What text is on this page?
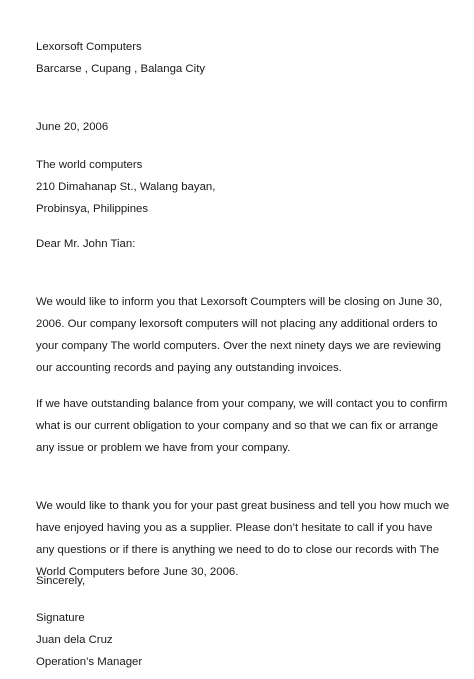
Lexorsoft Computers
Barcarse , Cupang , Balanga City
June 20, 2006
The world computers
210 Dimahanap St., Walang bayan,
Probinsya, Philippines
Dear Mr. John Tian:
We would like to inform you that Lexorsoft Coumpters will be closing on June 30,
2006. Our company lexorsoft computers will not placing any additional orders to
your company The world computers. Over the next ninety days we are reviewing
our accounting records and paying any outstanding invoices.
If we have outstanding balance from your company, we will contact you to confirm
what is our current obligation to your company and so that we can fix or arrange
any issue or problem we have from your company.
We would like to thank you for your past great business and tell you how much we
have enjoyed having you as a supplier. Please don’t hesitate to call if you have
any questions or if there is anything we need to do to close our records with The
World Computers before June 30, 2006.
Sincerely,
Signature
Juan dela Cruz
Operation’s Manager
